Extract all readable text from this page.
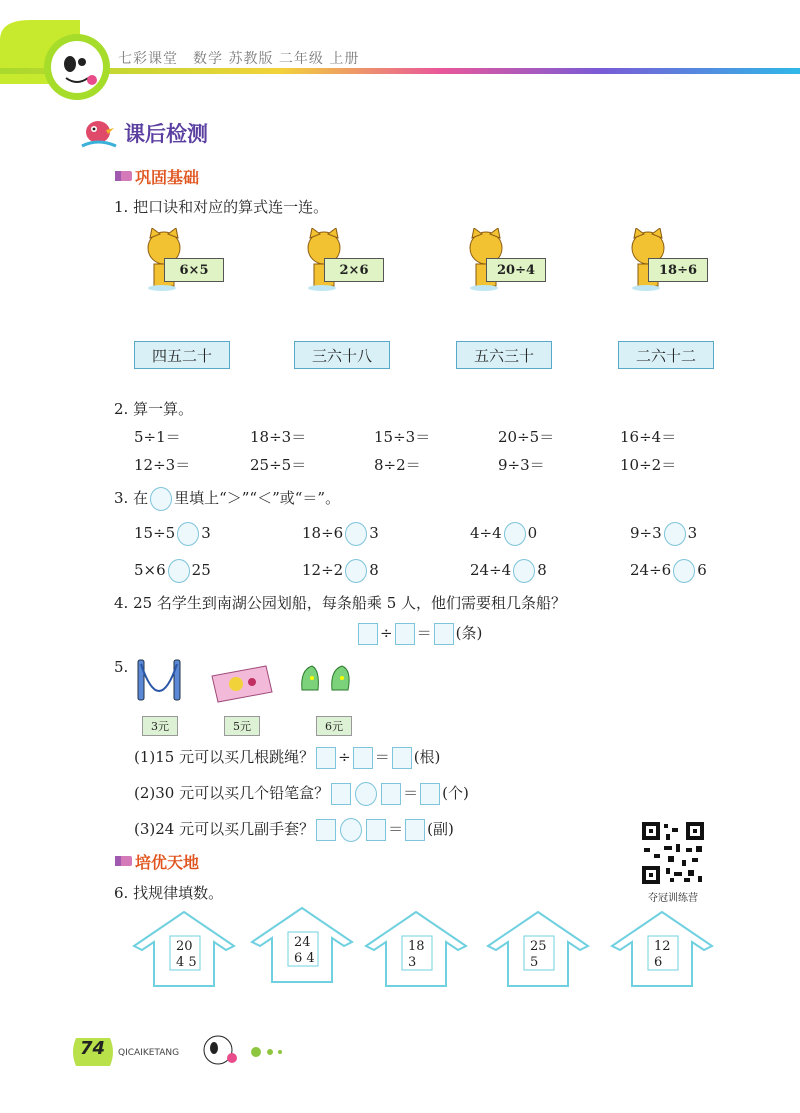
七彩课堂　数学 苏教版 二年级 上册
课后检测
巩固基础
1. 把口诀和对应的算式连一连。
6×5	2×6	20÷4	18÷6
四五二十	三六十八	五六三十	二六十二
2. 算一算。
5÷1＝	18÷3＝	15÷3＝	20÷5＝	16÷4＝
12÷3＝	25÷5＝	8÷2＝	9÷3＝	10÷2＝
3. 在 里填上“＞”“＜”或“＝”。
15÷5 3	18÷6 3	4÷4 0	9÷3 3
5×6 25	12÷2 8	24÷4 8	24÷6 6
4. 25 名学生到南湖公园划船，每条船乘 5 人，他们需要租几条船？
÷ ＝ (条)
5.
3元	5元	6元
(1)15 元可以买几根跳绳？ ÷ ＝ (根)
(2)30 元可以买几个铅笔盒？	＝ (个)
(3)24 元可以买几副手套？	＝ (副)
夺冠训练营
培优天地
6. 找规律填数。
20
4 5
24
6 4
18
3
25
5
12
6
74 QICAIKETANG
